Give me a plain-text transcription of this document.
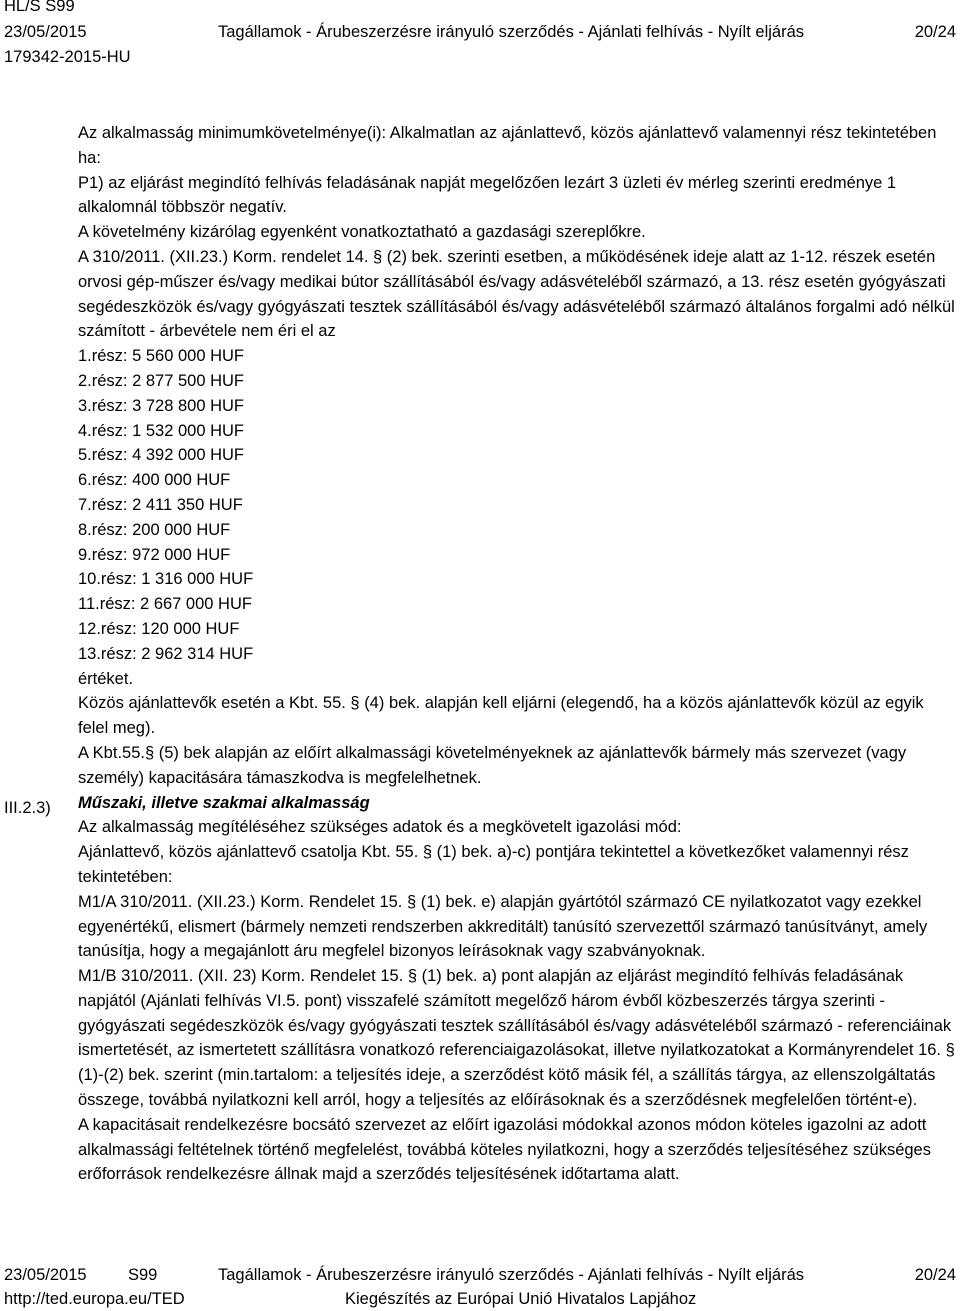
HL/S S99
23/05/2015	Tagállamok - Árubeszerzésre irányuló szerződés - Ajánlati felhívás - Nyílt eljárás	20/24
179342-2015-HU
III.2.3)

Az alkalmasság minimumkövetelménye(i): Alkalmatlan az ajánlattevő, közös ajánlattevő valamennyi rész tekintetében ha:

P1) az eljárást megindító felhívás feladásának napját megelőzően lezárt 3 üzleti év mérleg szerinti eredménye 1 alkalomnál többször negatív.

A követelmény kizárólag egyenként vonatkoztatható a gazdasági szereplőkre.

A 310/2011. (XII.23.) Korm. rendelet 14. § (2) bek. szerinti esetben, a működésének ideje alatt az 1-12. részek esetén orvosi gép-műszer és/vagy medikai bútor szállításából és/vagy adásvételéből származó, a 13. rész esetén gyógyászati segédeszközök és/vagy gyógyászati tesztek szállításából és/vagy adásvételéből származó általános forgalmi adó nélkül számított - árbevétele nem éri el az

1.rész: 5 560 000 HUF

2.rész: 2 877 500 HUF

3.rész: 3 728 800 HUF

4.rész: 1 532 000 HUF

5.rész: 4 392 000 HUF

6.rész: 400 000 HUF

7.rész: 2 411 350 HUF

8.rész: 200 000 HUF

9.rész: 972 000 HUF

10.rész: 1 316 000 HUF

11.rész: 2 667 000 HUF

12.rész: 120 000 HUF

13.rész: 2 962 314 HUF

értéket.

Közös ajánlattevők esetén a Kbt. 55. § (4) bek. alapján kell eljárni (elegendő, ha a közös ajánlattevők közül az egyik felel meg).

A Kbt.55.§ (5) bek alapján az előírt alkalmassági követelményeknek az ajánlattevők bármely más szervezet (vagy személy) kapacitására támaszkodva is megfelelhetnek.

Műszaki, illetve szakmai alkalmasság

Az alkalmasság megítéléséhez szükséges adatok és a megkövetelt igazolási mód:

Ajánlattevő, közös ajánlattevő csatolja Kbt. 55. § (1) bek. a)-c) pontjára tekintettel a következőket valamennyi rész tekintetében:

M1/A 310/2011. (XII.23.) Korm. Rendelet 15. § (1) bek. e) alapján gyártótól származó CE nyilatkozatot vagy ezekkel egyenértékű, elismert (bármely nemzeti rendszerben akkreditált) tanúsító szervezettől származó tanúsítványt, amely tanúsítja, hogy a megajánlott áru megfelel bizonyos leírásoknak vagy szabványoknak.

M1/B 310/2011. (XII. 23) Korm. Rendelet 15. § (1) bek. a) pont alapján az eljárást megindító felhívás feladásának napjától (Ajánlati felhívás VI.5. pont) visszafelé számított megelőző három évből közbeszerzés tárgya szerinti - gyógyászati segédeszközök és/vagy gyógyászati tesztek szállításából és/vagy adásvételéből származó - referenciáinak ismertetését, az ismertetett szállításra vonatkozó referenciaigazolásokat, illetve nyilatkozatokat a Kormányrendelet 16. § (1)-(2) bek. szerint (min.tartalom: a teljesítés ideje, a szerződést kötő másik fél, a szállítás tárgya, az ellenszolgáltatás összege, továbbá nyilatkozni kell arról, hogy a teljesítés az előírásoknak és a szerződésnek megfelelően történt-e).

A kapacitásait rendelkezésre bocsátó szervezet az előírt igazolási módokkal azonos módon köteles igazolni az adott alkalmassági feltételnek történő megfelelést, továbbá köteles nyilatkozni, hogy a szerződés teljesítéséhez szükséges erőforrások rendelkezésre állnak majd a szerződés teljesítésének időtartama alatt.

23/05/2015	S99	Tagállamok - Árubeszerzésre irányuló szerződés - Ajánlati felhívás - Nyílt eljárás	20/24
http://ted.europa.eu/TED	Kiegészítés az Európai Unió Hivatalos Lapjához
